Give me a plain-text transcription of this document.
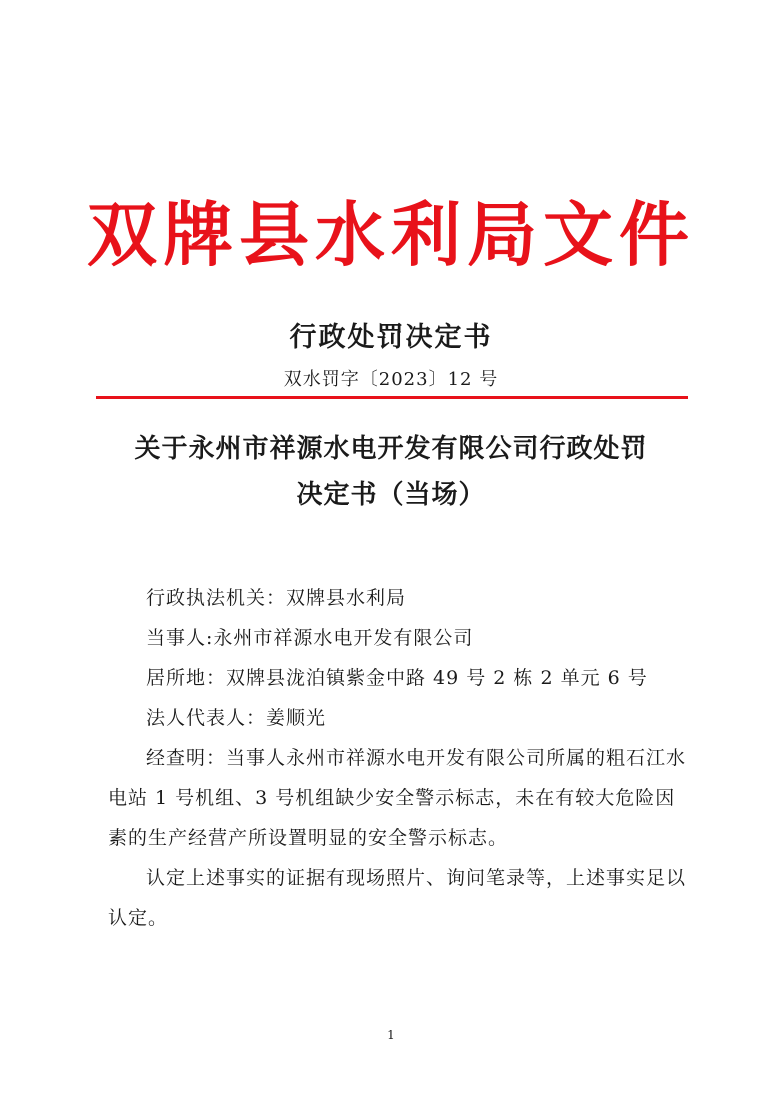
双牌县水利局文件
行政处罚决定书
双水罚字〔2023〕12 号
关于永州市祥源水电开发有限公司行政处罚
决定书（当场）

行政执法机关：双牌县水利局

当事人:永州市祥源水电开发有限公司

居所地：双牌县泷泊镇紫金中路 49 号 2 栋 2 单元 6 号

法人代表人：姜顺光

经查明：当事人永州市祥源水电开发有限公司所属的粗石江水电站 1 号机组、3 号机组缺少安全警示标志，未在有较大危险因素的生产经营产所设置明显的安全警示标志。

认定上述事实的证据有现场照片、询问笔录等，上述事实足以认定。

1
